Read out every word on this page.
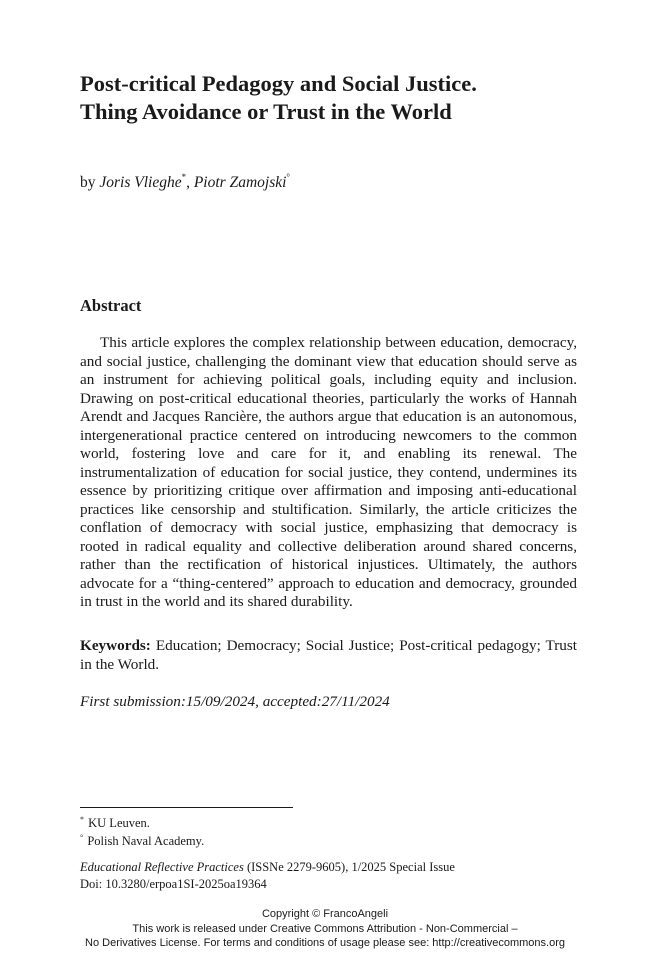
Post-critical Pedagogy and Social Justice.
Thing Avoidance or Trust in the World
by Joris Vlieghe*, Piotr Zamojski°
Abstract

This article explores the complex relationship between education, democracy, and social justice, challenging the dominant view that education should serve as an instrument for achieving political goals, including equity and inclusion. Drawing on post-critical educational theories, particularly the works of Hannah Arendt and Jacques Rancière, the authors argue that education is an autonomous, intergenerational practice centered on introducing newcomers to the common world, fostering love and care for it, and enabling its renewal. The instrumentalization of education for social justice, they contend, undermines its essence by prioritizing critique over affirmation and imposing anti-educational practices like censorship and stultification. Similarly, the article criticizes the conflation of democracy with social justice, emphasizing that democracy is rooted in radical equality and collective deliberation around shared concerns, rather than the rectification of historical injustices. Ultimately, the authors advocate for a “thing-centered” approach to education and democracy, grounded in trust in the world and its shared durability.

Keywords: Education; Democracy; Social Justice; Post-critical pedagogy; Trust in the World.

First submission:15/09/2024, accepted:27/11/2024
* KU Leuven.
° Polish Naval Academy.
Educational Reflective Practices (ISSNe 2279-9605), 1/2025 Special Issue
Doi: 10.3280/erpoa1SI-2025oa19364
Copyright © FrancoAngeli
This work is released under Creative Commons Attribution - Non-Commercial –
No Derivatives License. For terms and conditions of usage please see: http://creativecommons.org
